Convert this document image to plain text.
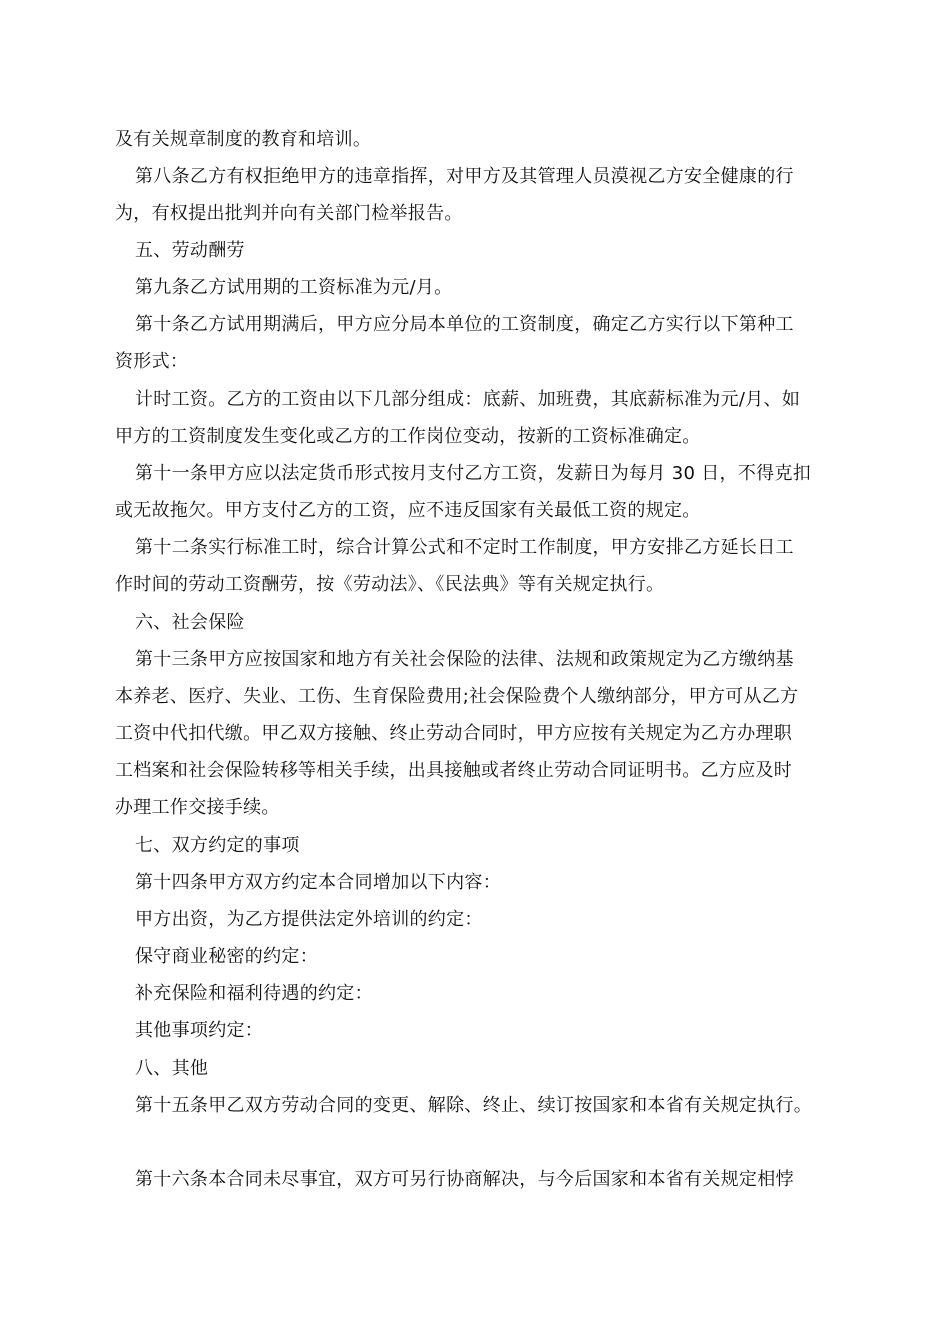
及有关规章制度的教育和培训。
第八条乙方有权拒绝甲方的违章指挥，对甲方及其管理人员漠视乙方安全健康的行
为，有权提出批判并向有关部门检举报告。
五、劳动酬劳
第九条乙方试用期的工资标准为元/月。
第十条乙方试用期满后，甲方应分局本单位的工资制度，确定乙方实行以下第种工
资形式：
计时工资。乙方的工资由以下几部分组成：底薪、加班费，其底薪标准为元/月、如
甲方的工资制度发生变化或乙方的工作岗位变动，按新的工资标准确定。
第十一条甲方应以法定货币形式按月支付乙方工资，发薪日为每月 30 日，不得克扣
或无故拖欠。甲方支付乙方的工资，应不违反国家有关最低工资的规定。
第十二条实行标准工时，综合计算公式和不定时工作制度，甲方安排乙方延长日工
作时间的劳动工资酬劳，按《劳动法》、《民法典》等有关规定执行。
六、社会保险
第十三条甲方应按国家和地方有关社会保险的法律、法规和政策规定为乙方缴纳基
本养老、医疗、失业、工伤、生育保险费用;社会保险费个人缴纳部分，甲方可从乙方
工资中代扣代缴。甲乙双方接触、终止劳动合同时，甲方应按有关规定为乙方办理职
工档案和社会保险转移等相关手续，出具接触或者终止劳动合同证明书。乙方应及时
办理工作交接手续。
七、双方约定的事项
第十四条甲方双方约定本合同增加以下内容：
甲方出资，为乙方提供法定外培训的约定：
保守商业秘密的约定：
补充保险和福利待遇的约定：
其他事项约定：
八、其他
第十五条甲乙双方劳动合同的变更、解除、终止、续订按国家和本省有关规定执行。
第十六条本合同未尽事宜，双方可另行协商解决，与今后国家和本省有关规定相悖
